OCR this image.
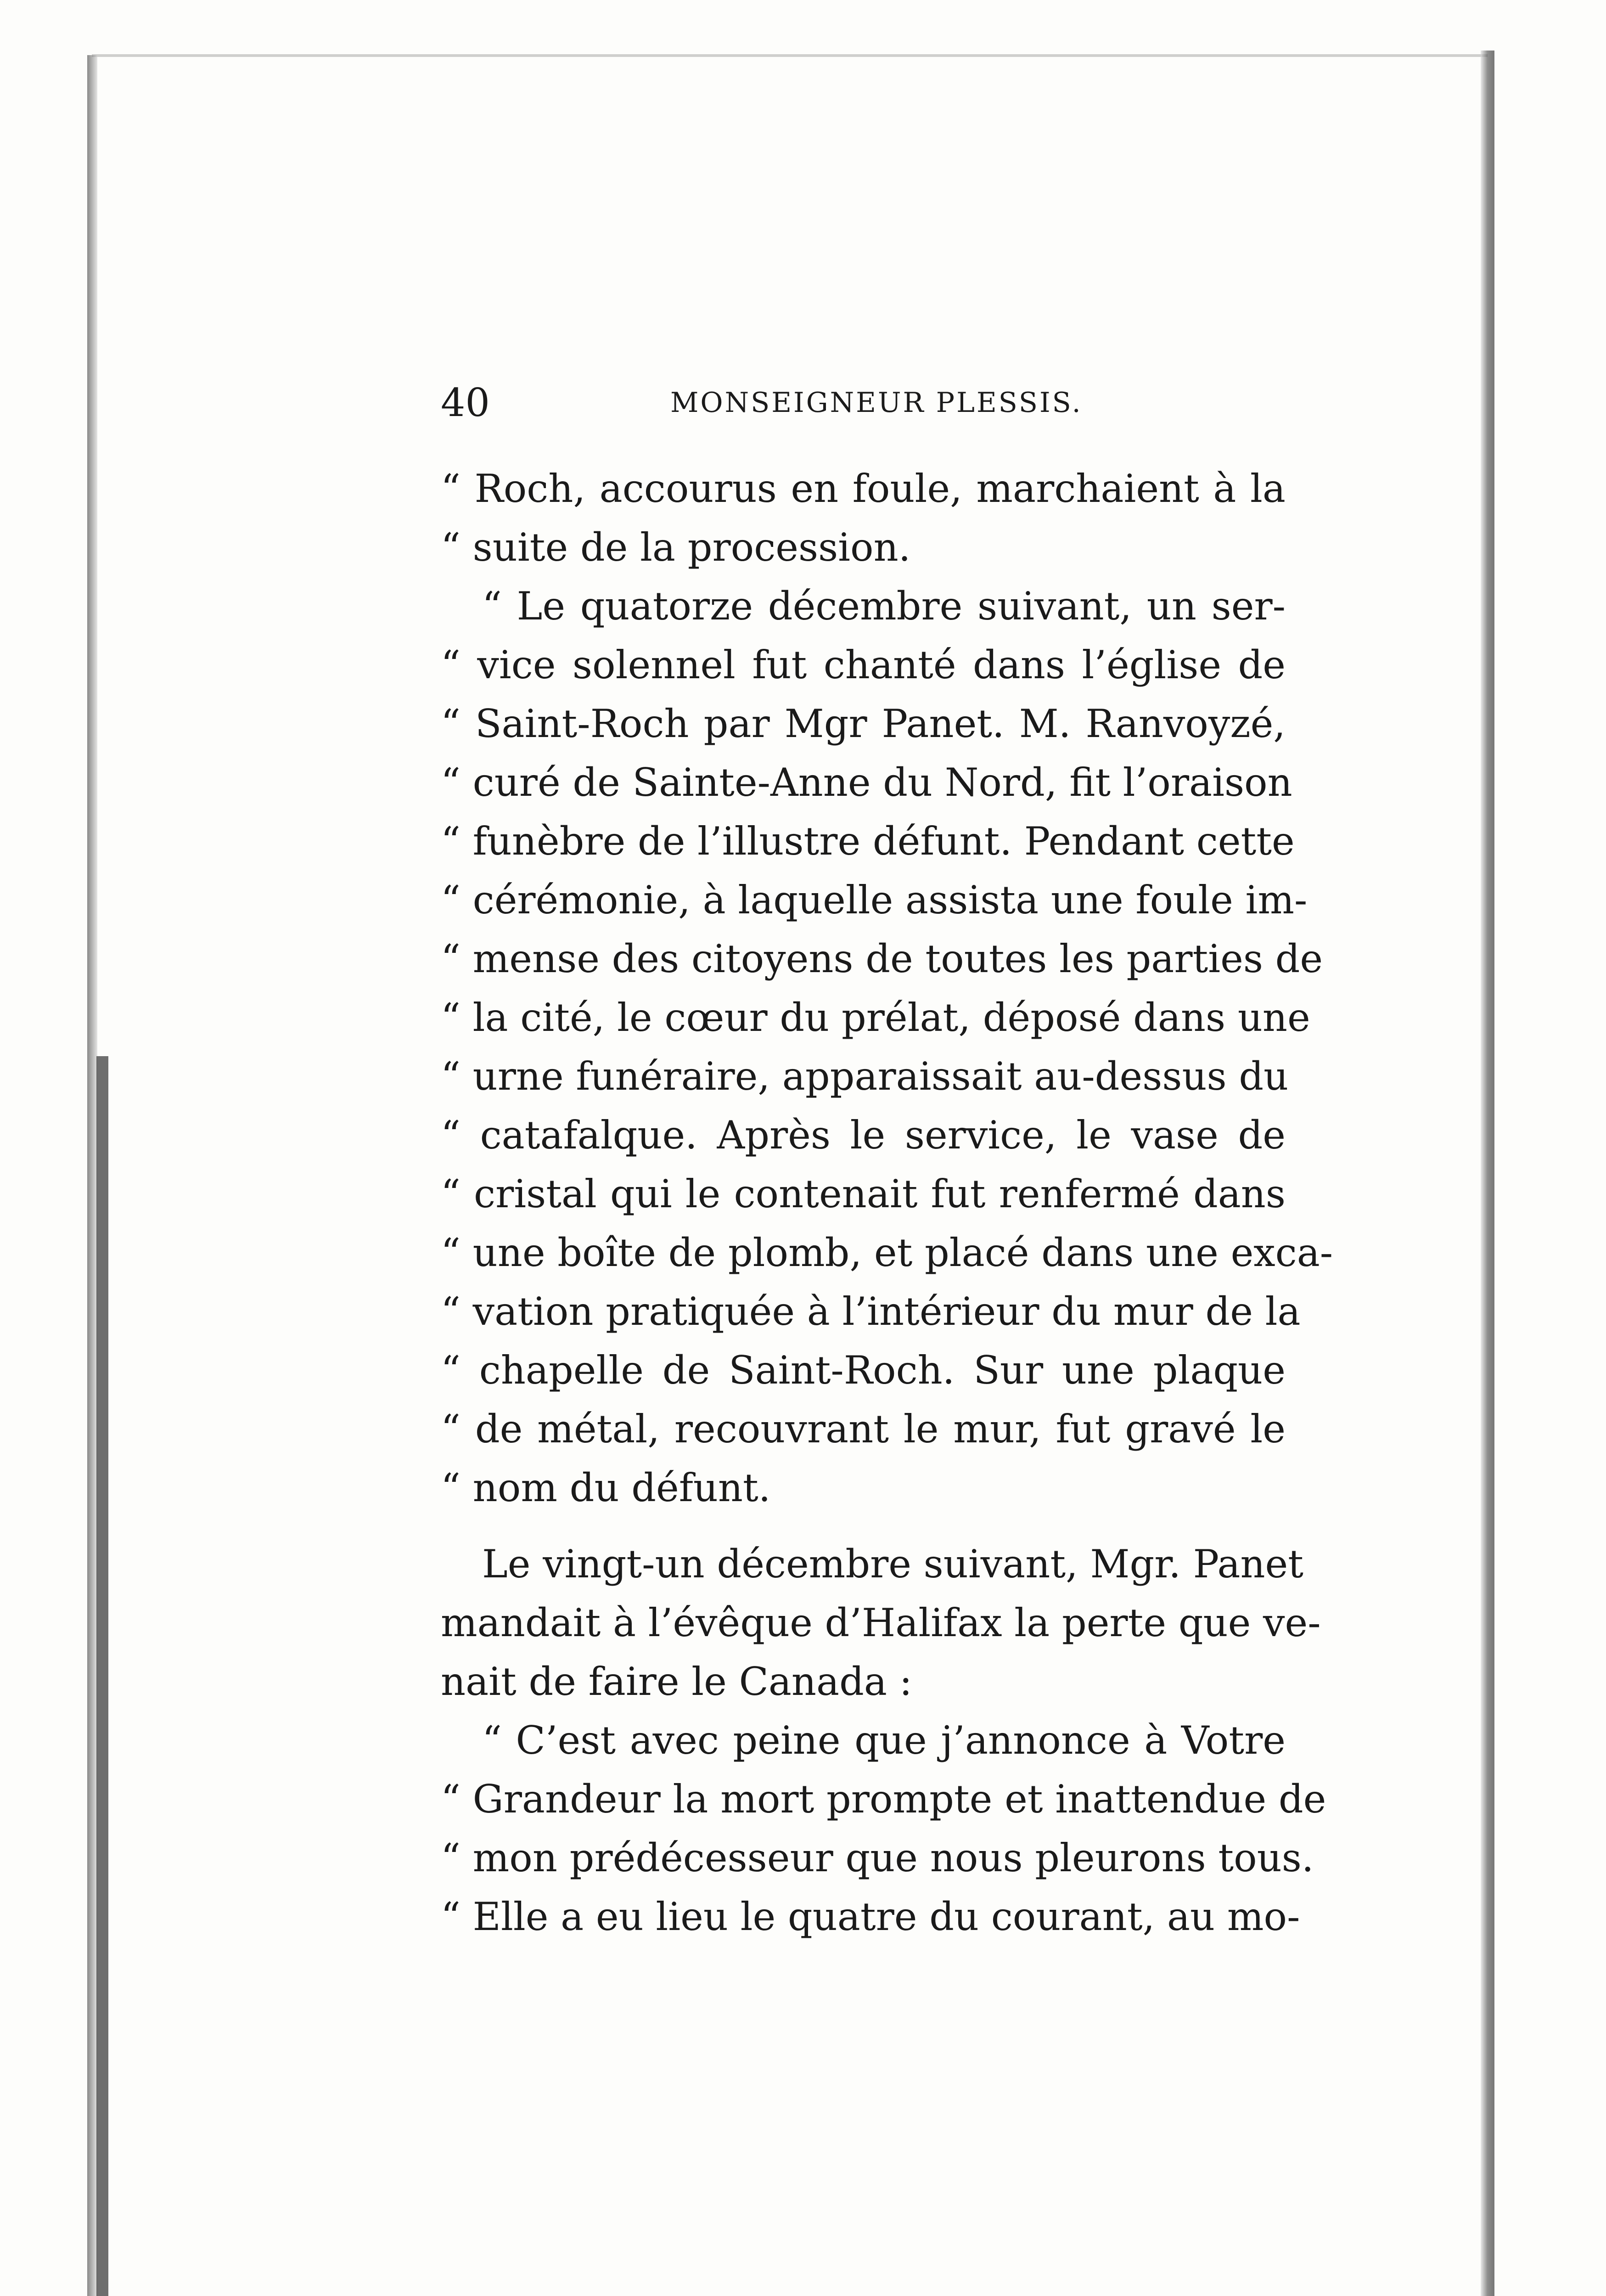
40	MONSEIGNEUR PLESSIS.
“ Roch, accourus en foule, marchaient à la
“ suite de la procession.
“ Le quatorze décembre suivant, un ser-
“ vice solennel fut chanté dans l’église de
“ Saint-Roch par Mgr Panet. M. Ranvoyzé,
“ curé de Sainte-Anne du Nord, fit l’oraison
“ funèbre de l’illustre défunt. Pendant cette
“ cérémonie, à laquelle assista une foule im-
“ mense des citoyens de toutes les parties de
“ la cité, le cœur du prélat, déposé dans une
“ urne funéraire, apparaissait au-dessus du
“ catafalque. Après le service, le vase de
“ cristal qui le contenait fut renfermé dans
“ une boîte de plomb, et placé dans une exca-
“ vation pratiquée à l’intérieur du mur de la
“ chapelle de Saint-Roch. Sur une plaque
“ de métal, recouvrant le mur, fut gravé le
“ nom du défunt.
Le vingt-un décembre suivant, Mgr. Panet
mandait à l’évêque d’Halifax la perte que ve-
nait de faire le Canada :
“ C’est avec peine que j’annonce à Votre
“ Grandeur la mort prompte et inattendue de
“ mon prédécesseur que nous pleurons tous.
“ Elle a eu lieu le quatre du courant, au mo-
